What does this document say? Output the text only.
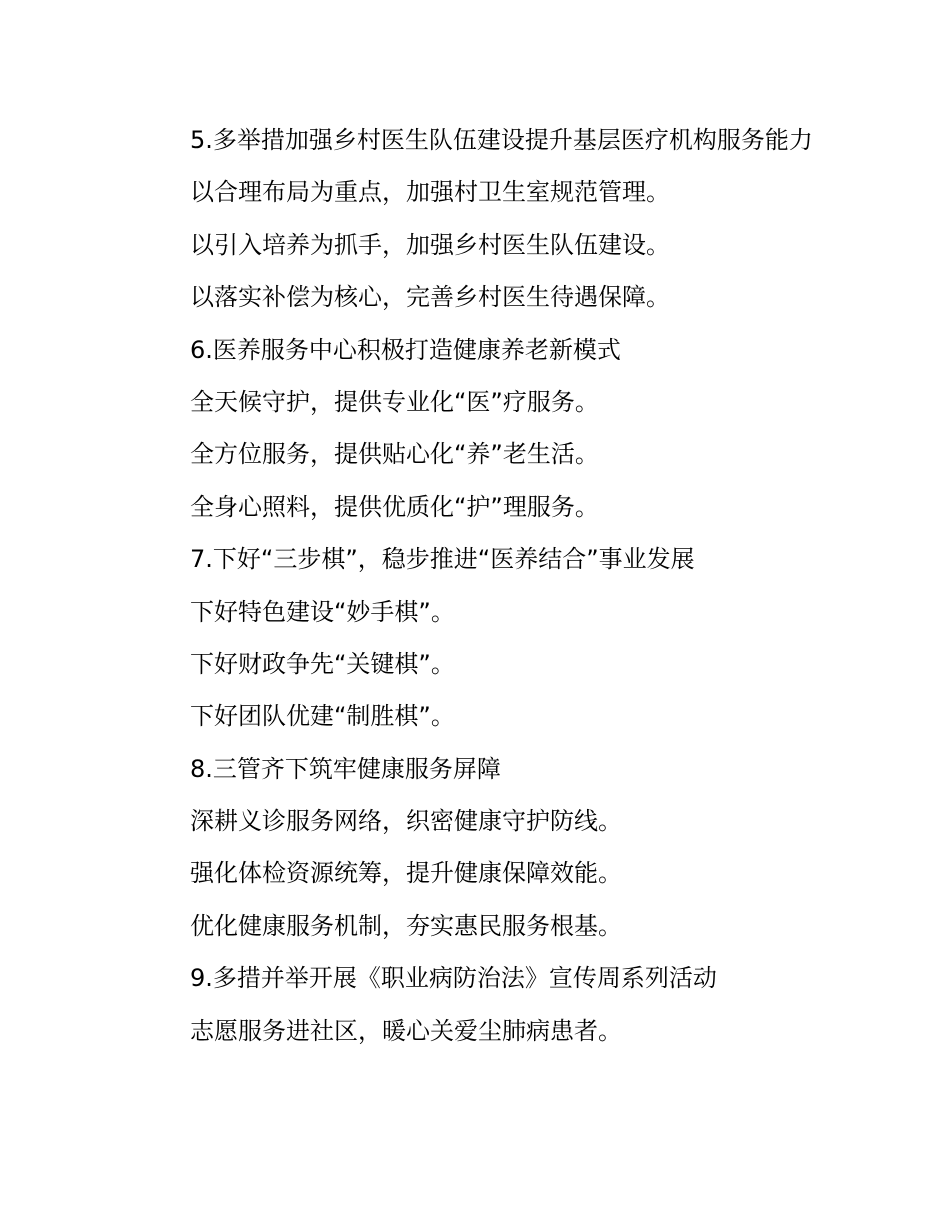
5.多举措加强乡村医生队伍建设提升基层医疗机构服务能力

以合理布局为重点，加强村卫生室规范管理。

以引入培养为抓手，加强乡村医生队伍建设。

以落实补偿为核心，完善乡村医生待遇保障。

6.医养服务中心积极打造健康养老新模式

全天候守护，提供专业化“医”疗服务。

全方位服务，提供贴心化“养”老生活。

全身心照料，提供优质化“护”理服务。

7.下好“三步棋”，稳步推进“医养结合”事业发展

下好特色建设“妙手棋”。

下好财政争先“关键棋”。

下好团队优建“制胜棋”。

8.三管齐下筑牢健康服务屏障

深耕义诊服务网络，织密健康守护防线。

强化体检资源统筹，提升健康保障效能。

优化健康服务机制，夯实惠民服务根基。

9.多措并举开展《职业病防治法》宣传周系列活动

志愿服务进社区，暖心关爱尘肺病患者。
